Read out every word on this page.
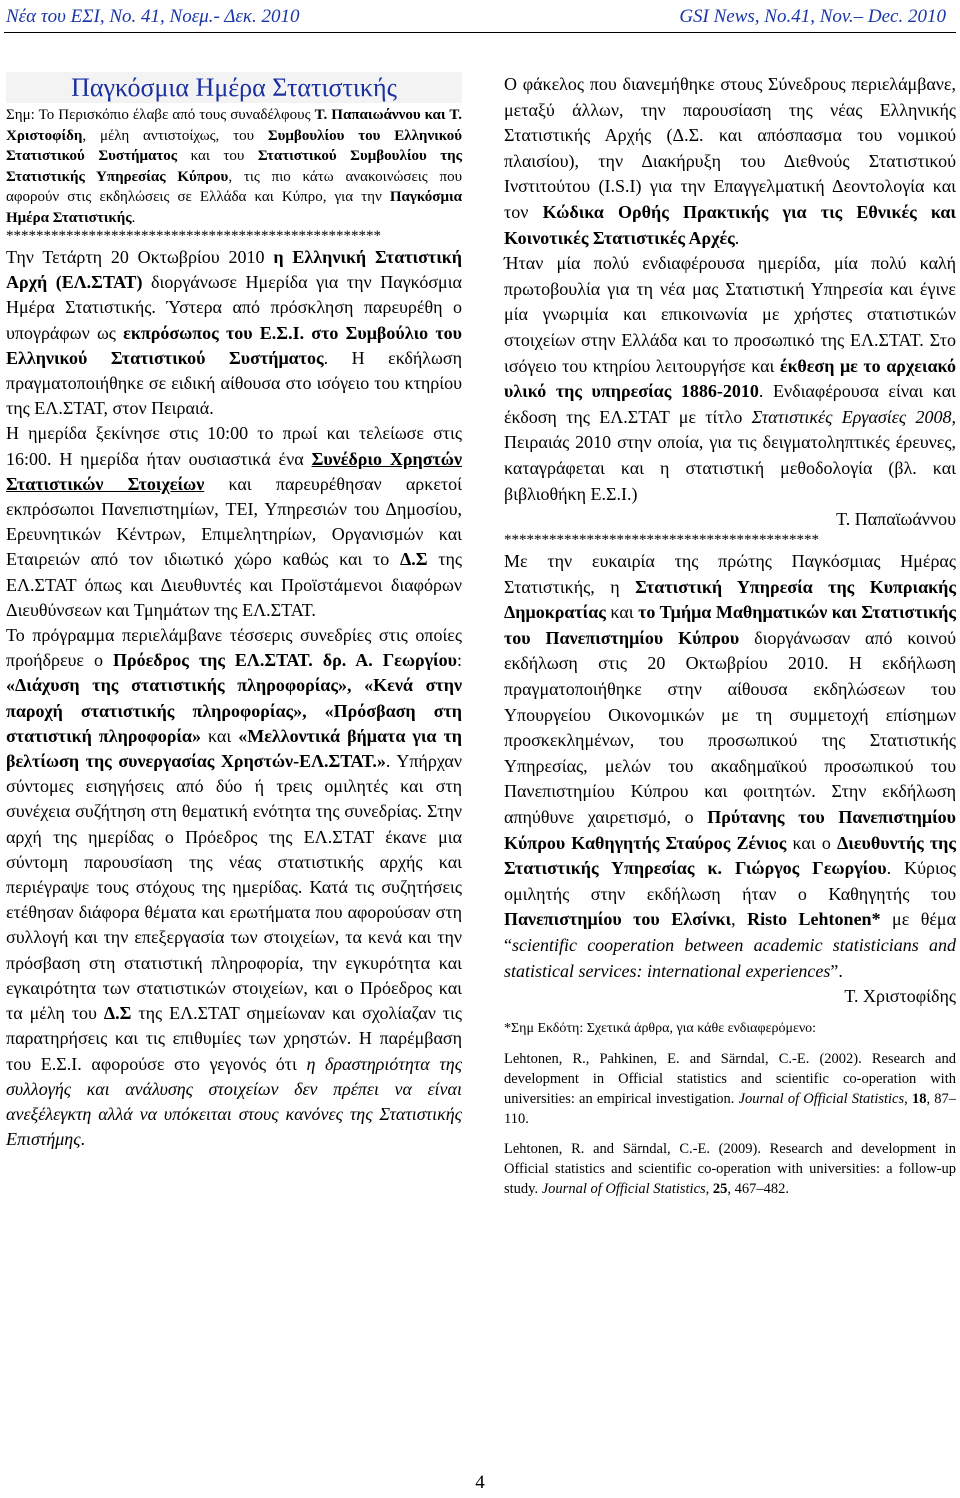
Νέα του ΕΣΙ, Νο. 41, Νοεμ.- Δεκ. 2010	GSI News, No.41, Nov.– Dec. 2010
Παγκόσμια Ημέρα Στατιστικής

Σημ: Το Περισκόπιο έλαβε από τους συναδέλφους Τ. Παπαιωάννου και Τ. Χριστοφίδη, μέλη αντιστοίχως, του Συμβουλίου του Ελληνικού Στατιστικού Συστήματος και του Στατιστικού Συμβουλίου της Στατιστικής Υπηρεσίας Κύπρου, τις πιο κάτω ανακοινώσεις που αφορούν στις εκδηλώσεις σε Ελλάδα και Κύπρο, για την Παγκόσμια Ημέρα Στατιστικής.

**************************************************

Την Τετάρτη 20 Οκτωβρίου 2010 η Ελληνική Στατιστική Αρχή (ΕΛ.ΣΤΑΤ) διοργάνωσε Ημερίδα για την Παγκόσμια Ημέρα Στατιστικής. Ύστερα από πρόσκληση παρευρέθη ο υπογράφων ως εκπρόσωπος του Ε.Σ.Ι. στο Συμβούλιο του Ελληνικού Στατιστικού Συστήματος. Η εκδήλωση πραγματοποιήθηκε σε ειδική αίθουσα στο ισόγειο του κτηρίου της ΕΛ.ΣΤΑΤ, στον Πειραιά.

Η ημερίδα ξεκίνησε στις 10:00 το πρωί και τελείωσε στις 16:00. Η ημερίδα ήταν ουσιαστικά ένα Συνέδριο Χρηστών Στατιστικών Στοιχείων και παρευρέθησαν αρκετοί εκπρόσωποι Πανεπιστημίων, ΤΕΙ, Υπηρεσιών του Δημοσίου, Ερευνητικών Κέντρων, Επιμελητηρίων, Οργανισμών και Εταιρειών από τον ιδιωτικό χώρο καθώς και το Δ.Σ της ΕΛ.ΣΤΑΤ όπως και Διευθυντές και Προϊστάμενοι διαφόρων Διευθύνσεων και Τμημάτων της ΕΛ.ΣΤΑΤ.

Το πρόγραμμα περιελάμβανε τέσσερις συνεδρίες στις οποίες προήδρευε ο Πρόεδρος της ΕΛ.ΣΤΑΤ. δρ. Α. Γεωργίου: «Διάχυση της στατιστικής πληροφορίας», «Κενά στην παροχή στατιστικής πληροφορίας», «Πρόσβαση στη στατιστική πληροφορία» και «Μελλοντικά βήματα για τη βελτίωση της συνεργασίας Χρηστών-ΕΛ.ΣΤΑΤ.». Υπήρχαν σύντομες εισηγήσεις από δύο ή τρεις ομιλητές και στη συνέχεια συζήτηση στη θεματική ενότητα της συνεδρίας. Στην αρχή της ημερίδας ο Πρόεδρος της ΕΛ.ΣΤΑΤ έκανε μια σύντομη παρουσίαση της νέας στατιστικής αρχής και περιέγραψε τους στόχους της ημερίδας. Κατά τις συζητήσεις ετέθησαν διάφορα θέματα και ερωτήματα που αφορούσαν στη συλλογή και την επεξεργασία των στοιχείων, τα κενά και την πρόσβαση στη στατιστική πληροφορία, την εγκυρότητα και εγκαιρότητα των στατιστικών στοιχείων, και ο Πρόεδρος και τα μέλη του Δ.Σ της ΕΛ.ΣΤΑΤ σημείωναν και σχολίαζαν τις παρατηρήσεις και τις επιθυμίες των χρηστών. Η παρέμβαση του Ε.Σ.Ι. αφορούσε στο γεγονός ότι η δραστηριότητα της συλλογής και ανάλυσης στοιχείων δεν πρέπει να είναι ανεξέλεγκτη αλλά να υπόκειται στους κανόνες της Στατιστικής Επιστήμης.

Ο φάκελος που διανεμήθηκε στους Σύνεδρους περιελάμβανε, μεταξύ άλλων, την παρουσίαση της νέας Ελληνικής Στατιστικής Αρχής (Δ.Σ. και απόσπασμα του νομικού πλαισίου), την Διακήρυξη του Διεθνούς Στατιστικού Ινστιτούτου (I.S.I) για την Επαγγελματική Δεοντολογία και τον Κώδικα Ορθής Πρακτικής για τις Εθνικές και Κοινοτικές Στατιστικές Αρχές.

Ήταν μία πολύ ενδιαφέρουσα ημερίδα, μία πολύ καλή πρωτοβουλία για τη νέα μας Στατιστική Υπηρεσία και έγινε μία γνωριμία και επικοινωνία με χρήστες στατιστικών στοιχείων στην Ελλάδα και το προσωπικό της ΕΛ.ΣΤΑΤ. Στο ισόγειο του κτηρίου λειτουργήσε και έκθεση με το αρχειακό υλικό της υπηρεσίας 1886-2010. Ενδιαφέρουσα είναι και έκδοση της ΕΛ.ΣΤΑΤ με τίτλο Στατιστικές Εργασίες 2008, Πειραιάς 2010 στην οποία, για τις δειγματοληπτικές έρευνες, καταγράφεται και η στατιστική μεθοδολογία (βλ. και βιβλιοθήκη Ε.Σ.Ι.)

Τ. Παπαϊωάννου
******************************************

Με την ευκαιρία της πρώτης Παγκόσμιας Ημέρας Στατιστικής, η Στατιστική Υπηρεσία της Κυπριακής Δημοκρατίας και το Τμήμα Μαθηματικών και Στατιστικής του Πανεπιστημίου Κύπρου διοργάνωσαν από κοινού εκδήλωση στις 20 Οκτωβρίου 2010. Η εκδήλωση πραγματοποιήθηκε στην αίθουσα εκδηλώσεων του Υπουργείου Οικονομικών με τη συμμετοχή επίσημων προσκεκλημένων, του προσωπικού της Στατιστικής Υπηρεσίας, μελών του ακαδημαϊκού προσωπικού του Πανεπιστημίου Κύπρου και φοιτητών. Στην εκδήλωση απηύθυνε χαιρετισμό, ο Πρύτανης του Πανεπιστημίου Κύπρου Καθηγητής Σταύρος Ζένιος και ο Διευθυντής της Στατιστικής Υπηρεσίας κ. Γιώργος Γεωργίου. Κύριος ομιλητής στην εκδήλωση ήταν ο Καθηγητής του Πανεπιστημίου του Ελσίνκι, Risto Lehtonen* με θέμα “scientific cooperation between academic statisticians and statistical services: international experiences”.

Τ. Χριστοφίδης

*Σημ Εκδότη: Σχετικά άρθρα, για κάθε ενδιαφερόμενο:

Lehtonen, R., Pahkinen, E. and Särndal, C.-E. (2002). Research and development in Official statistics and scientific co-operation with universities: an empirical investigation. Journal of Official Statistics, 18, 87–110.

Lehtonen, R. and Särndal, C.-E. (2009). Research and development in Official statistics and scientific co-operation with universities: a follow-up study. Journal of Official Statistics, 25, 467–482.

4
